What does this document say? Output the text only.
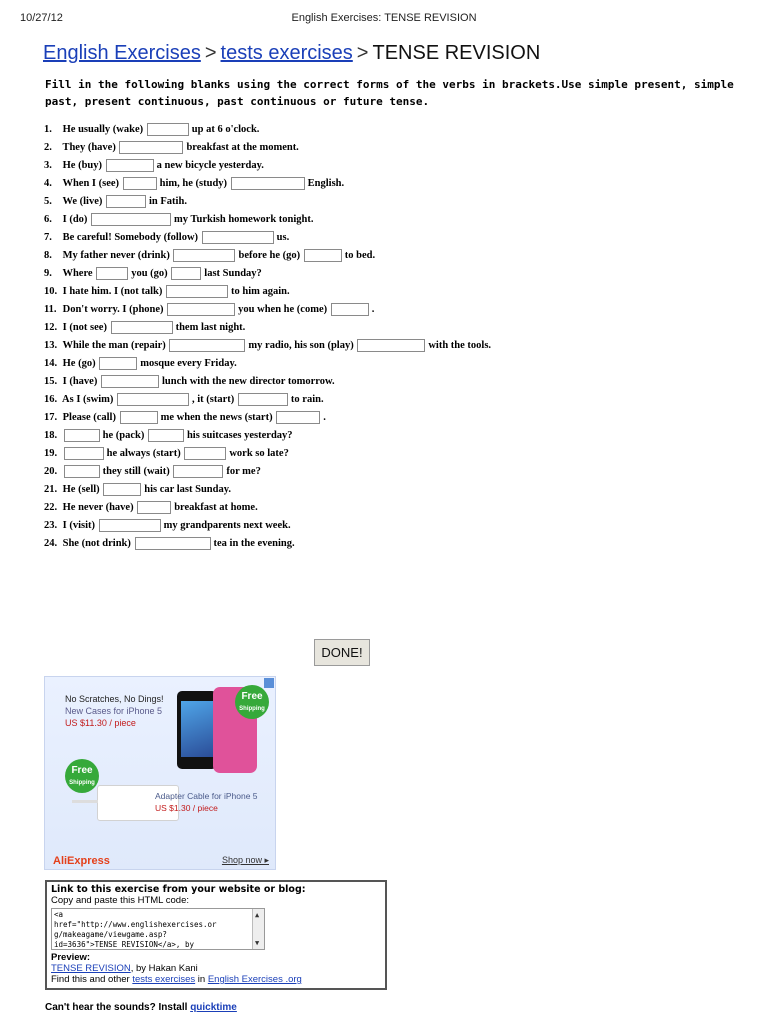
10/27/12	English Exercises: TENSE REVISION
English Exercises > tests exercises > TENSE REVISION
Fill in the following blanks using the correct forms of the verbs in brackets.Use simple present, simple past, present continuous, past continuous or future tense.
1. He usually (wake)	up at 6 o'clock.
2. They (have)	breakfast at the moment.
3. He (buy)	a new bicycle yesterday.
4. When I (see)	him, he (study)	English.
5. We (live)	in Fatih.
6. I (do)	my Turkish homework tonight.
7. Be careful! Somebody (follow)	us.
8. My father never (drink)	before he (go)	to bed.
9. Where	you (go)	last Sunday?
10. I hate him. I (not talk)	to him again.
11. Don't worry. I (phone)	you when he (come)	.
12. I (not see)	them last night.
13. While the man (repair)	my radio, his son (play)	with the tools.
14. He (go)	mosque every Friday.
15. I (have)	lunch with the new director tomorrow.
16. As I (swim)	, it (start)	to rain.
17. Please (call)	me when the news (start)	.
18.	he (pack)	his suitcases yesterday?
19.	he always (start)	work so late?
20.	they still (wait)	for me?
21. He (sell)	his car last Sunday.
22. He never (have)	breakfast at home.
23. I (visit)	my grandparents next week.
24. She (not drink)	tea in the evening.
DONE!
No Scratches, No Dings!
New Cases for iPhone 5
US $11.30 / piece
Free
Shipping
Free
Shipping
Adapter Cable for iPhone 5
US $1.30 / piece
AliExpress	Shop now ▸
Link to this exercise from your website or blog:
Copy and paste this HTML code:
<a
href="http://www.englishexercises.or
g/makeagame/viewgame.asp?
id=3636">TENSE REVISION</a>, by
▲
▼
Preview:
TENSE REVISION, by Hakan Kani
Find this and other tests exercises in English Exercises .org
Can't hear the sounds? Install quicktime
